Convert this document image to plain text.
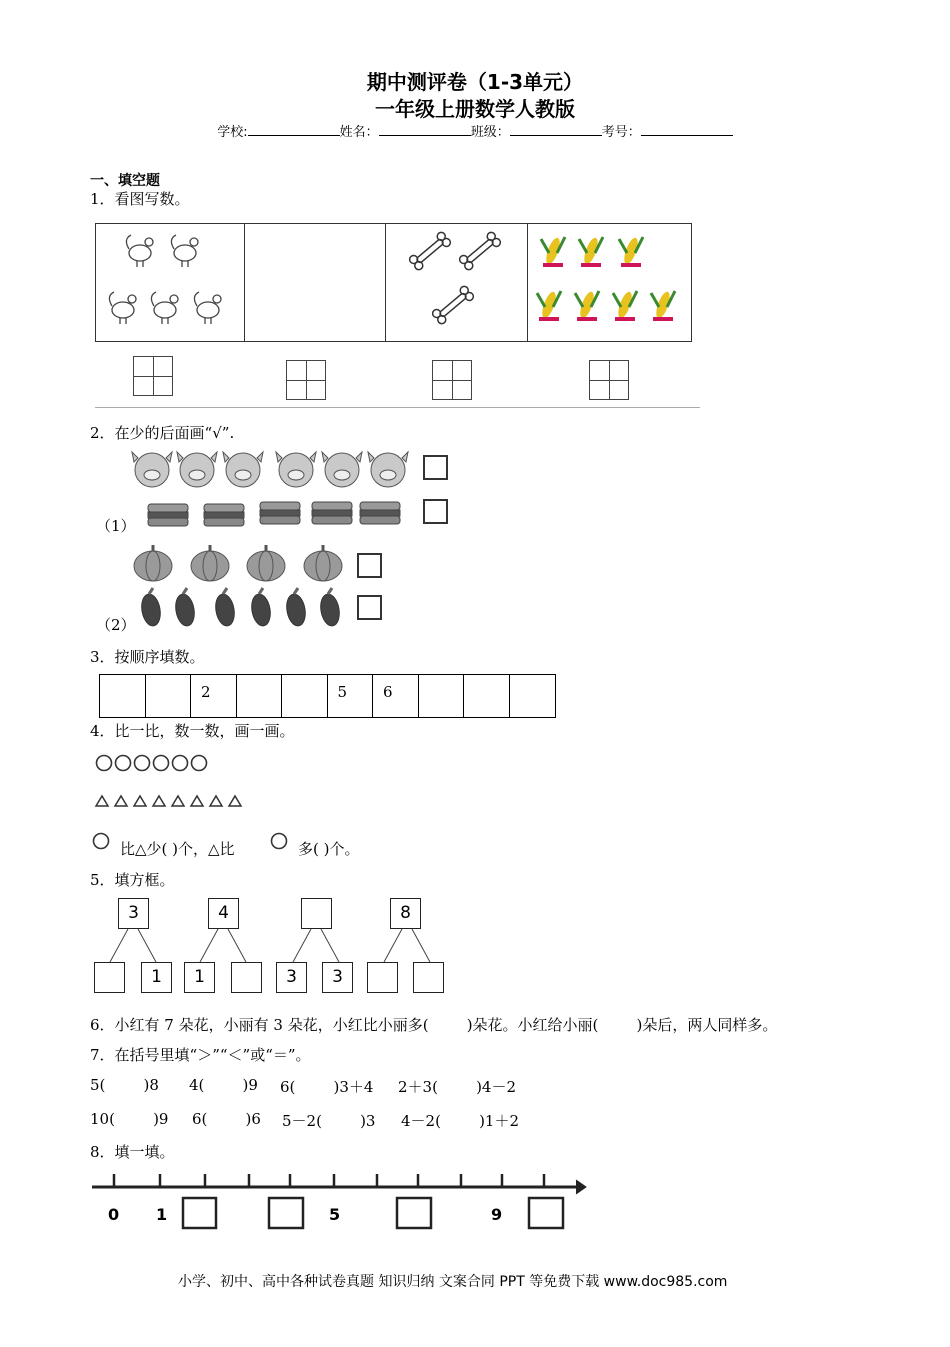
期中测评卷（1-3单元）
一年级上册数学人教版
学校:	姓名：	班级：	考号：
一、填空题
1．看图写数。
2．在少的后面画“√”.
（1）
（2）
3．按顺序填数。
2	5	6
4．比一比，数一数，画一画。
比△少( )个，△比	多( )个。
5．填方框。
3
1
4
1	3	3
8
6．小红有 7 朵花，小丽有 3 朵花，小红比小丽多(        )朵花。小红给小丽(        )朵后，两人同样多。
7．在括号里填“＞”“＜”或“＝”。
5(        )8 4(        )9 6(        )3＋4 2＋3(        )4－2
10(        )9 6(        )6 5－2(        )3 4－2(        )1＋2
8．填一填。
0 1	5	9
小学、初中、高中各种试卷真题 知识归纳 文案合同 PPT 等免费下载 www.doc985.com
